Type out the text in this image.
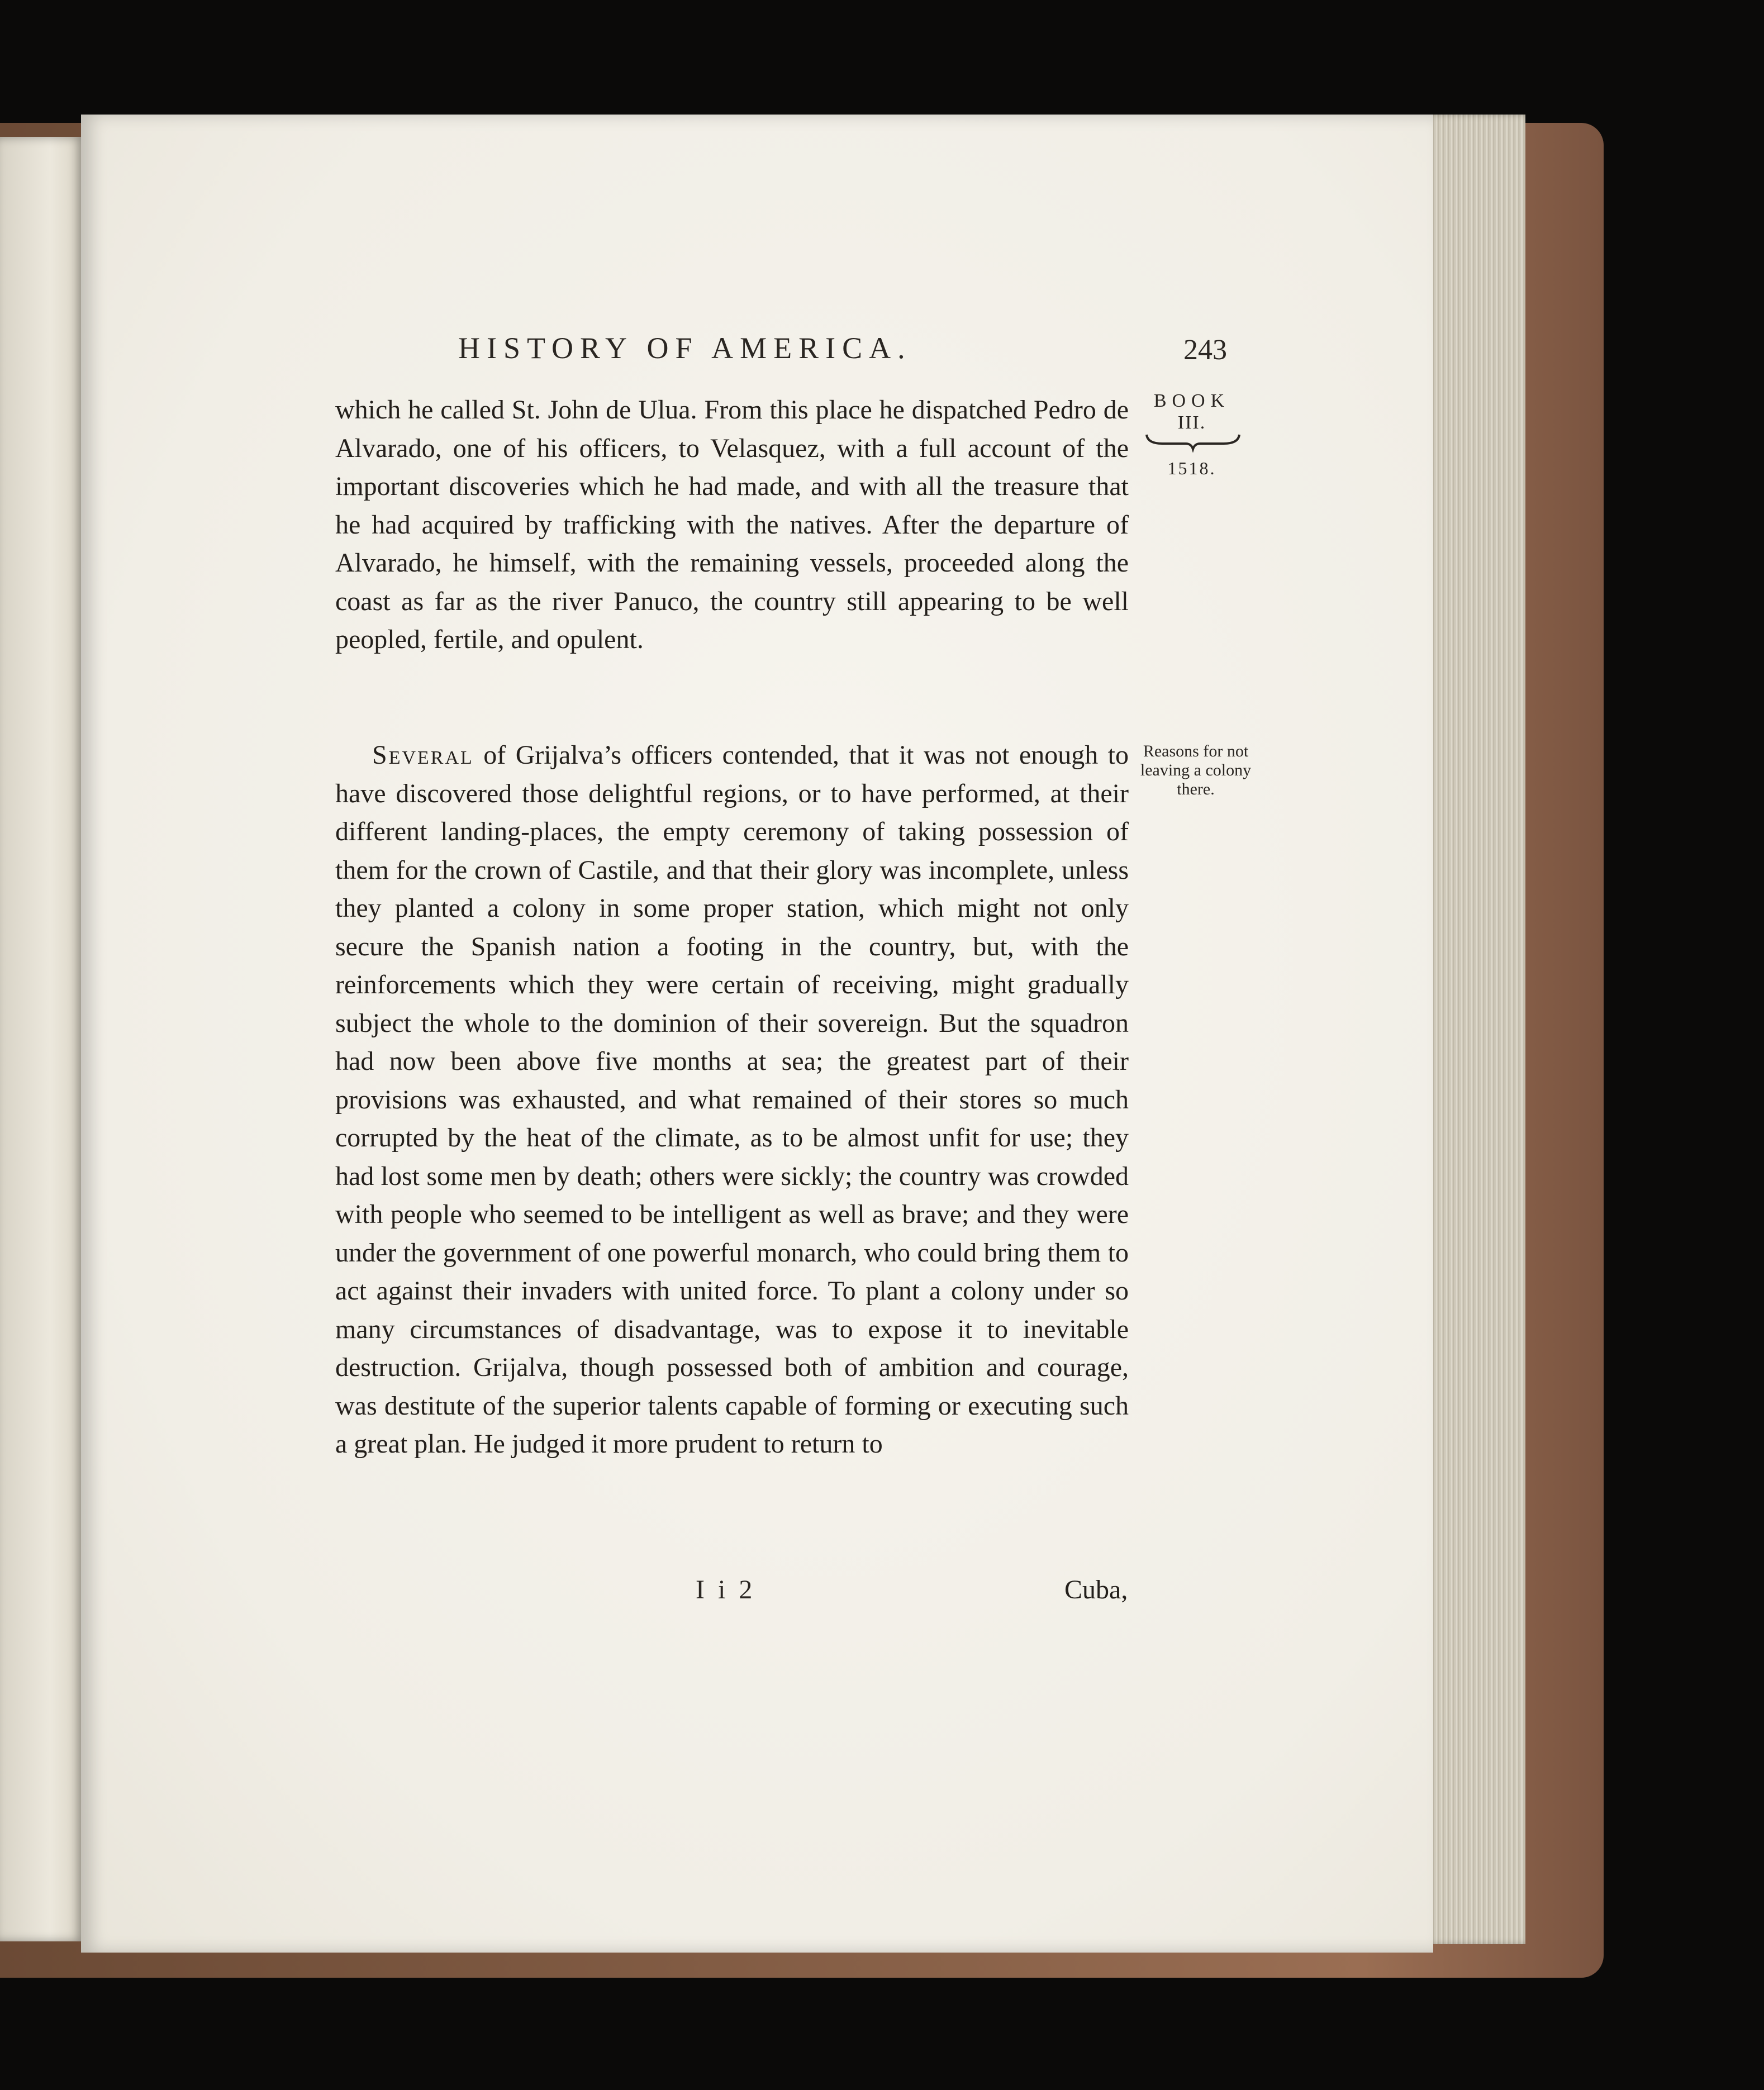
HISTORY OF AMERICA.	243
BOOK
III.
1518.

which he called St. John de Ulua. From this place he dispatched Pedro de Alvarado, one of his officers, to Velasquez, with a full account of the important discoveries which he had made, and with all the treasure that he had acquired by trafficking with the natives. After the departure of Alvarado, he himself, with the remaining vessels, proceeded along the coast as far as the river Panuco, the country still appearing to be well peopled, fertile, and opulent.

Several of Grijalva’s officers contended, that it was not enough to have discovered those delightful regions, or to have performed, at their different landing-places, the empty ceremony of taking possession of them for the crown of Castile, and that their glory was incomplete, unless they planted a colony in some proper station, which might not only secure the Spanish nation a footing in the country, but, with the reinforcements which they were certain of receiving, might gradually subject the whole to the dominion of their sovereign. But the squadron had now been above five months at sea; the greatest part of their provisions was exhausted, and what remained of their stores so much corrupted by the heat of the climate, as to be almost unfit for use; they had lost some men by death; others were sickly; the country was crowded with people who seemed to be intelligent as well as brave; and they were under the government of one powerful monarch, who could bring them to act against their invaders with united force. To plant a colony under so many circumstances of disadvantage, was to expose it to inevitable destruction. Grijalva, though possessed both of ambition and courage, was destitute of the superior talents capable of forming or executing such a great plan. He judged it more prudent to return to

Reasons for not leaving a colony there.
I i 2	Cuba,
